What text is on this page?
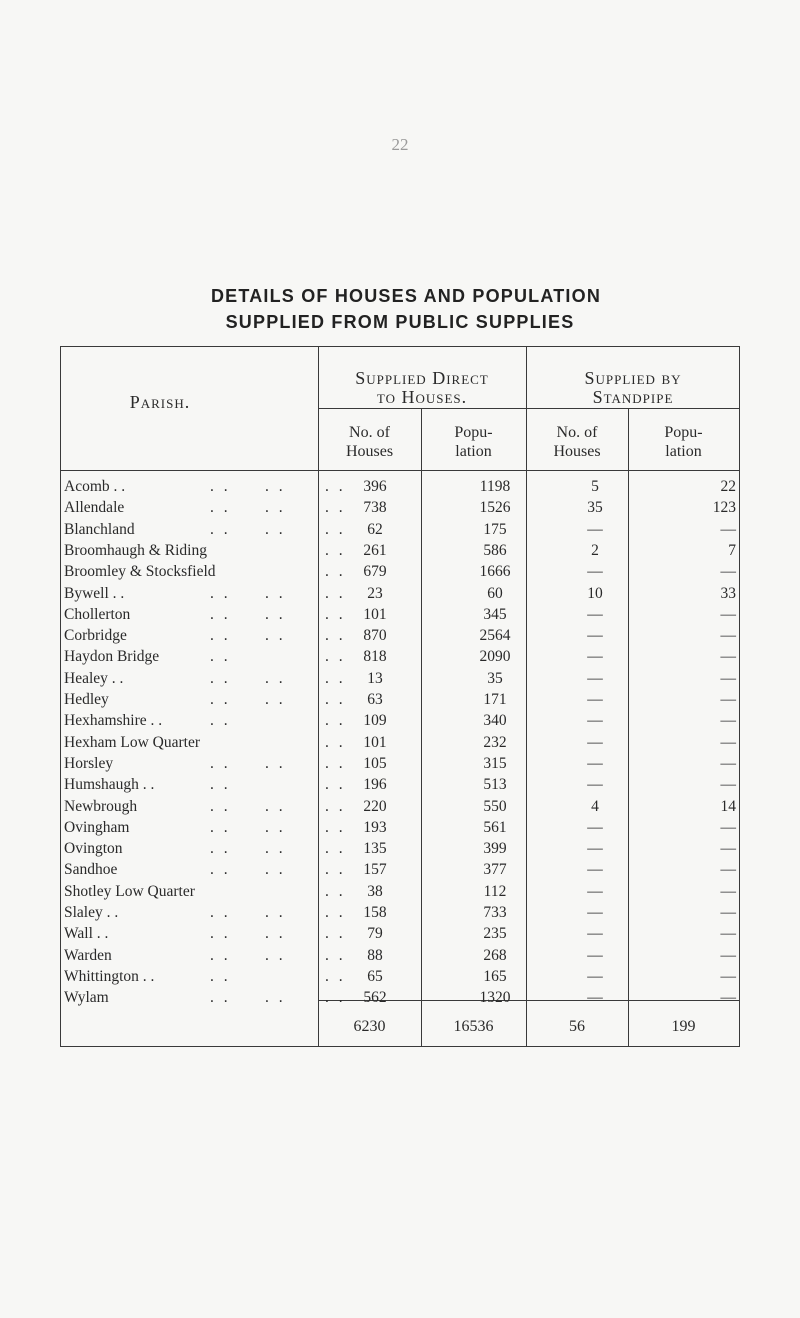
22
DETAILS OF HOUSES AND POPULATION
SUPPLIED FROM PUBLIC SUPPLIES
Parish.
Supplied Direct
to Houses.
Supplied by
Standpipe
No. of
Houses
Popu-
lation
No. of
Houses
Popu-
lation
Acomb . .	. .     . .	. .	396	1198	5	22
Allendale	. .     . .	. .	738	1526	35	123
Blanchland	. .     . .	. .	62	175	—	—
Broomhaugh & Riding	. .	261	586	2	7
Broomley & Stocksfield	. .	679	1666	—	—
Bywell . .	. .     . .	. .	23	60	10	33
Chollerton	. .     . .	. .	101	345	—	—
Corbridge	. .     . .	. .	870	2564	—	—
Haydon Bridge	. .	. .	818	2090	—	—
Healey . .	. .     . .	. .	13	35	—	—
Hedley	. .     . .	. .	63	171	—	—
Hexhamshire . .	. .	. .	109	340	—	—
Hexham Low Quarter	. .	101	232	—	—
Horsley	. .     . .	. .	105	315	—	—
Humshaugh . .	. .	. .	196	513	—	—
Newbrough	. .     . .	. .	220	550	4	14
Ovingham	. .     . .	. .	193	561	—	—
Ovington	. .     . .	. .	135	399	—	—
Sandhoe	. .     . .	. .	157	377	—	—
Shotley Low Quarter	. .	38	112	—	—
Slaley . .	. .     . .	. .	158	733	—	—
Wall . .	. .     . .	. .	79	235	—	—
Warden	. .     . .	. .	88	268	—	—
Whittington . .	. .	. .	65	165	—	—
Wylam	. .     . .	. .	562	1320	—	—
6230	16536	56	199
